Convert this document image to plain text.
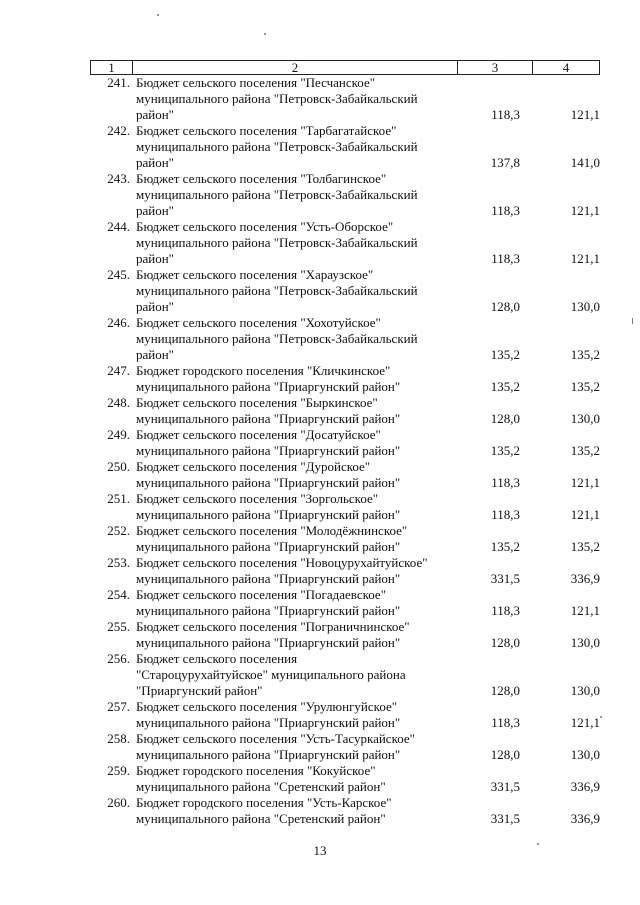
1	2	3	4
241. Бюджет сельского поселения "Песчанское"
муниципального района "Петровск-Забайкальский
район"	118,3	121,1
242. Бюджет сельского поселения "Тарбагатайское"
муниципального района "Петровск-Забайкальский
район"	137,8	141,0
243. Бюджет сельского поселения "Толбагинское"
муниципального района "Петровск-Забайкальский
район"	118,3	121,1
244. Бюджет сельского поселения "Усть-Оборское"
муниципального района "Петровск-Забайкальский
район"	118,3	121,1
245. Бюджет сельского поселения "Хараузское"
муниципального района "Петровск-Забайкальский
район"	128,0	130,0
246. Бюджет сельского поселения "Хохотуйское"
муниципального района "Петровск-Забайкальский
район"	135,2	135,2
247. Бюджет городского поселения "Кличкинское"
муниципального района "Приаргунский район"	135,2	135,2
248. Бюджет сельского поселения "Быркинское"
муниципального района "Приаргунский район"	128,0	130,0
249. Бюджет сельского поселения "Досатуйское"
муниципального района "Приаргунский район"	135,2	135,2
250. Бюджет сельского поселения "Дуройское"
муниципального района "Приаргунский район"	118,3	121,1
251. Бюджет сельского поселения "Зоргольское"
муниципального района "Приаргунский район"	118,3	121,1
252. Бюджет сельского поселения "Молодёжнинское"
муниципального района "Приаргунский район"	135,2	135,2
253. Бюджет сельского поселения "Новоцурухайтуйское"
муниципального района "Приаргунский район"	331,5	336,9
254. Бюджет сельского поселения "Погадаевское"
муниципального района "Приаргунский район"	118,3	121,1
255. Бюджет сельского поселения "Пограничнинское"
муниципального района "Приаргунский район"	128,0	130,0
256. Бюджет сельского поселения
"Староцурухайтуйское" муниципального района
"Приаргунский район"	128,0	130,0
257. Бюджет сельского поселения "Урулюнгуйское"
муниципального района "Приаргунский район"	118,3	121,1
258. Бюджет сельского поселения "Усть-Тасуркайское"
муниципального района "Приаргунский район"	128,0	130,0
259. Бюджет городского поселения "Кокуйское"
муниципального района "Сретенский район"	331,5	336,9
260. Бюджет городского поселения "Усть-Карское"
муниципального района "Сретенский район"	331,5	336,9
13
